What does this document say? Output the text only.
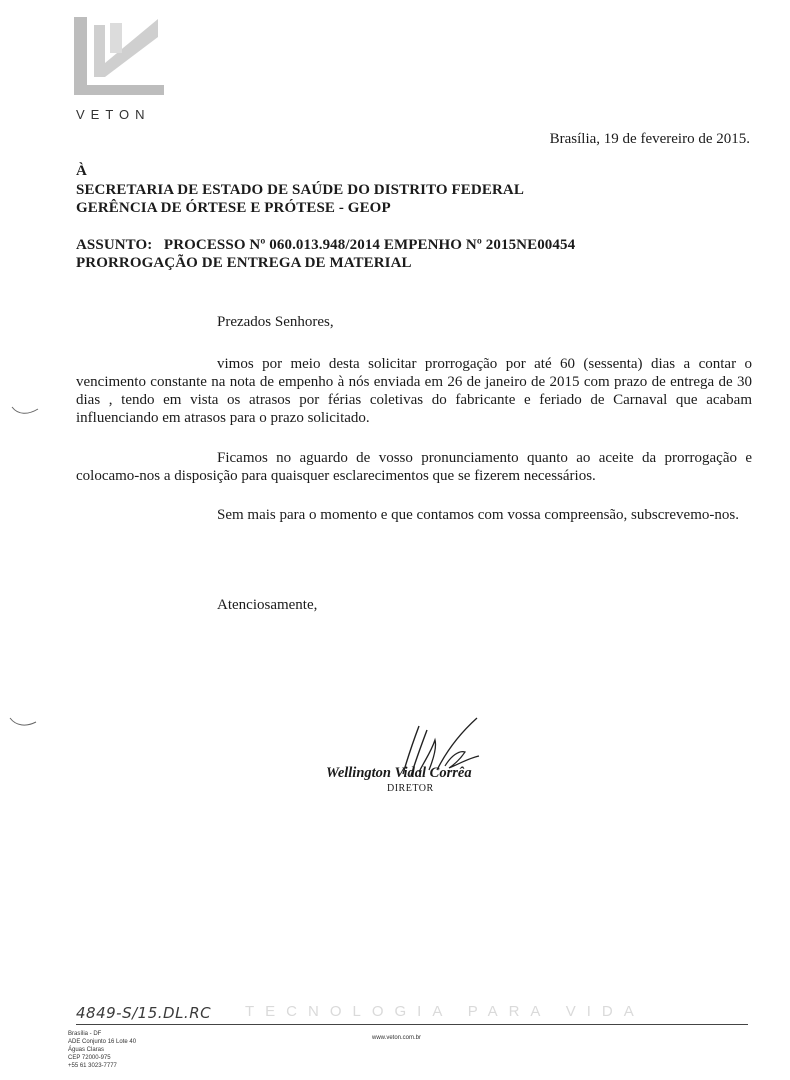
VETON
Brasília, 19 de fevereiro de 2015.
À
SECRETARIA DE ESTADO DE SAÚDE DO DISTRITO FEDERAL
GERÊNCIA DE ÓRTESE E PRÓTESE - GEOP
ASSUNTO:   PROCESSO Nº 060.013.948/2014 EMPENHO Nº 2015NE00454
PRORROGAÇÃO DE ENTREGA DE MATERIAL
Prezados Senhores,
vimos por meio desta solicitar prorrogação por até 60 (sessenta) dias a contar o vencimento constante na nota de empenho à nós enviada em 26 de janeiro de 2015 com prazo de entrega de 30 dias , tendo em vista os atrasos por férias coletivas do fabricante e feriado de Carnaval que acabam influenciando em atrasos para o prazo solicitado.
Ficamos no aguardo de vosso pronunciamento quanto ao aceite da prorrogação e colocamo-nos a disposição para quaisquer esclarecimentos que se fizerem necessários.
Sem mais para o momento e que contamos com vossa compreensão, subscrevemo-nos.
Atenciosamente,
Wellington Vidal Corrêa
DIRETOR
4849-S/15.DL.RC TECNOLOGIA PARA VIDA
Brasília - DF
ADE Conjunto 16 Lote 40
Águas Claras
CEP 72000-975
+55 61 3023-7777
www.veton.com.br
